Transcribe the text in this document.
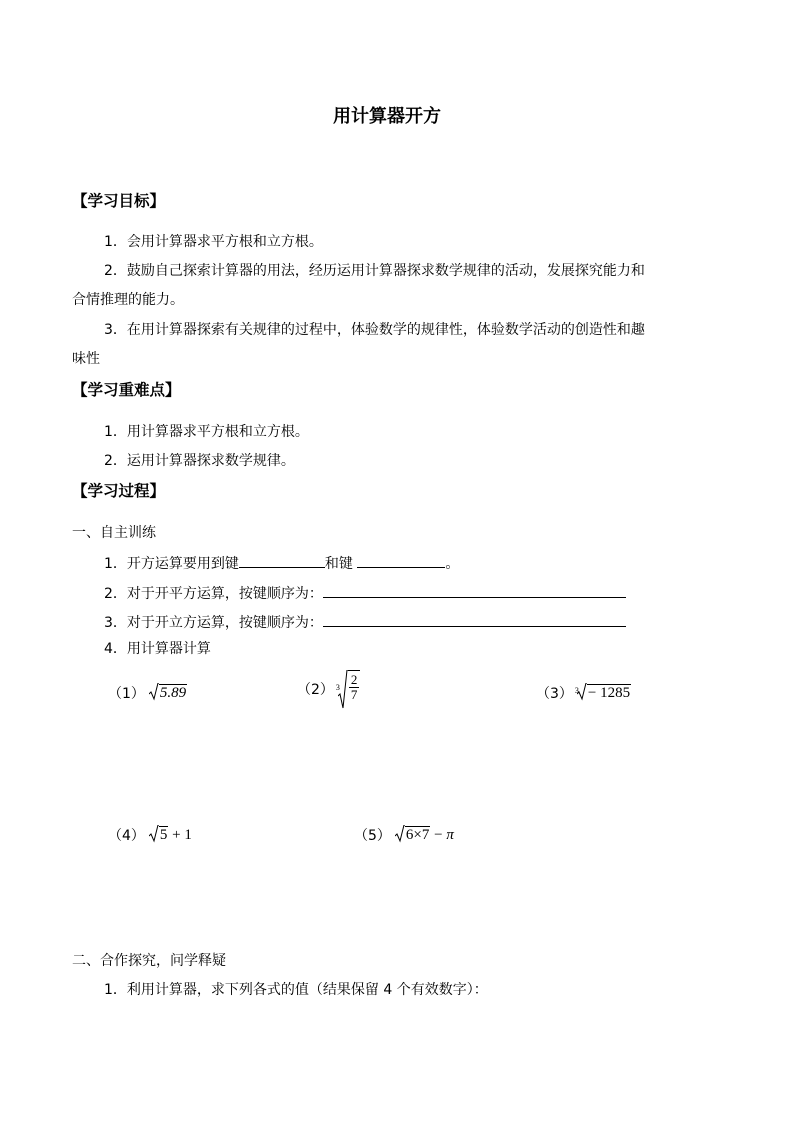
用计算器开方
【学习目标】
1．会用计算器求平方根和立方根。
2．鼓励自己探索计算器的用法，经历运用计算器探求数学规律的活动，发展探究能力和
合情推理的能力。
3．在用计算器探索有关规律的过程中，体验数学的规律性，体验数学活动的创造性和趣
味性
【学习重难点】
1．用计算器求平方根和立方根。
2．运用计算器探求数学规律。
【学习过程】
一、自主训练
1．开方运算要用到键	和键	。
2．对于开平方运算，按键顺序为：
3．对于开立方运算，按键顺序为：
4．用计算器计算
（1） 5.89	（2） $3 \frac{2}{7}$	（3） 3 − 1285
（4） 5 + 1	（5） 6×7 − π
二、合作探究，问学释疑
1．利用计算器，求下列各式的值（结果保留 4 个有效数字）：
